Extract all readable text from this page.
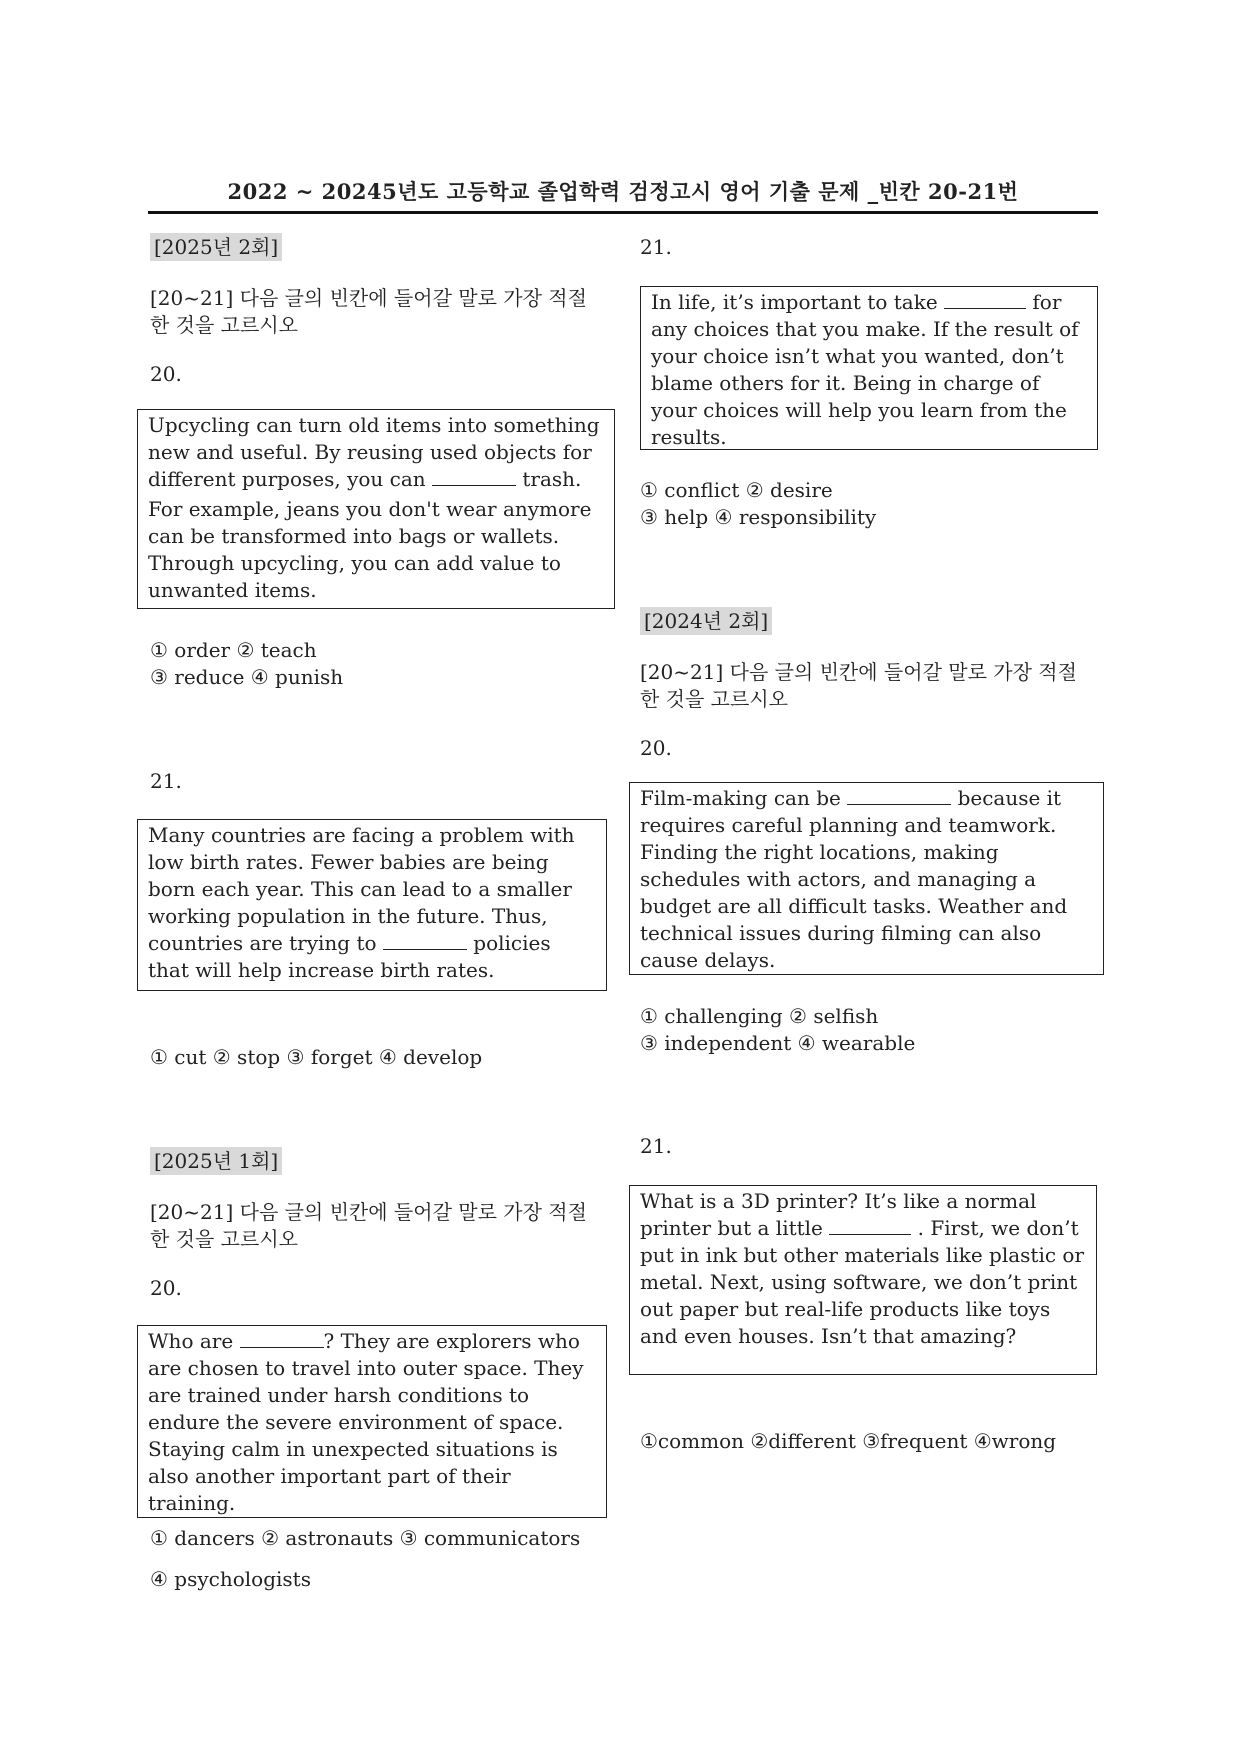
2022 ~ 20245년도 고등학교 졸업학력 검정고시 영어 기출 문제 _빈칸 20-21번
[2025년 2회]
[20~21] 다음 글의 빈칸에 들어갈 말로 가장 적절한 것을 고르시오
20.

Upcycling can turn old items into something new and useful. By reusing used objects for different purposes, you can	trash.

For example, jeans you don't wear anymore can be transformed into bags or wallets. Through upcycling, you can add value to unwanted items.

① order ② teach
③ reduce ④ punish
21.

Many countries are facing a problem with low birth rates. Fewer babies are being born each year. This can lead to a smaller working population in the future. Thus, countries are trying to	policies that will help increase birth rates.

① cut ② stop ③ forget ④ develop
[2025년 1회]
[20~21] 다음 글의 빈칸에 들어갈 말로 가장 적절한 것을 고르시오
20.

Who are	? They are explorers who are chosen to travel into outer space. They are trained under harsh conditions to endure the severe environment of space. Staying calm in unexpected situations is also another important part of their training.

① dancers ② astronauts ③ communicators
④ psychologists
21.

In life, it’s important to take	for any choices that you make. If the result of your choice isn’t what you wanted, don’t blame others for it. Being in charge of your choices will help you learn from the results.

① conflict ② desire
③ help ④ responsibility
[2024년 2회]
[20~21] 다음 글의 빈칸에 들어갈 말로 가장 적절한 것을 고르시오
20.

Film-making can be	because it requires careful planning and teamwork. Finding the right locations, making schedules with actors, and managing a budget are all difficult tasks. Weather and technical issues during filming can also cause delays.

① challenging ② selfish
③ independent ④ wearable
21.

What is a 3D printer? It’s like a normal printer but a little	. First, we don’t put in ink but other materials like plastic or metal. Next, using software, we don’t print out paper but real-life products like toys and even houses. Isn’t that amazing?

①common ②different ③frequent ④wrong
